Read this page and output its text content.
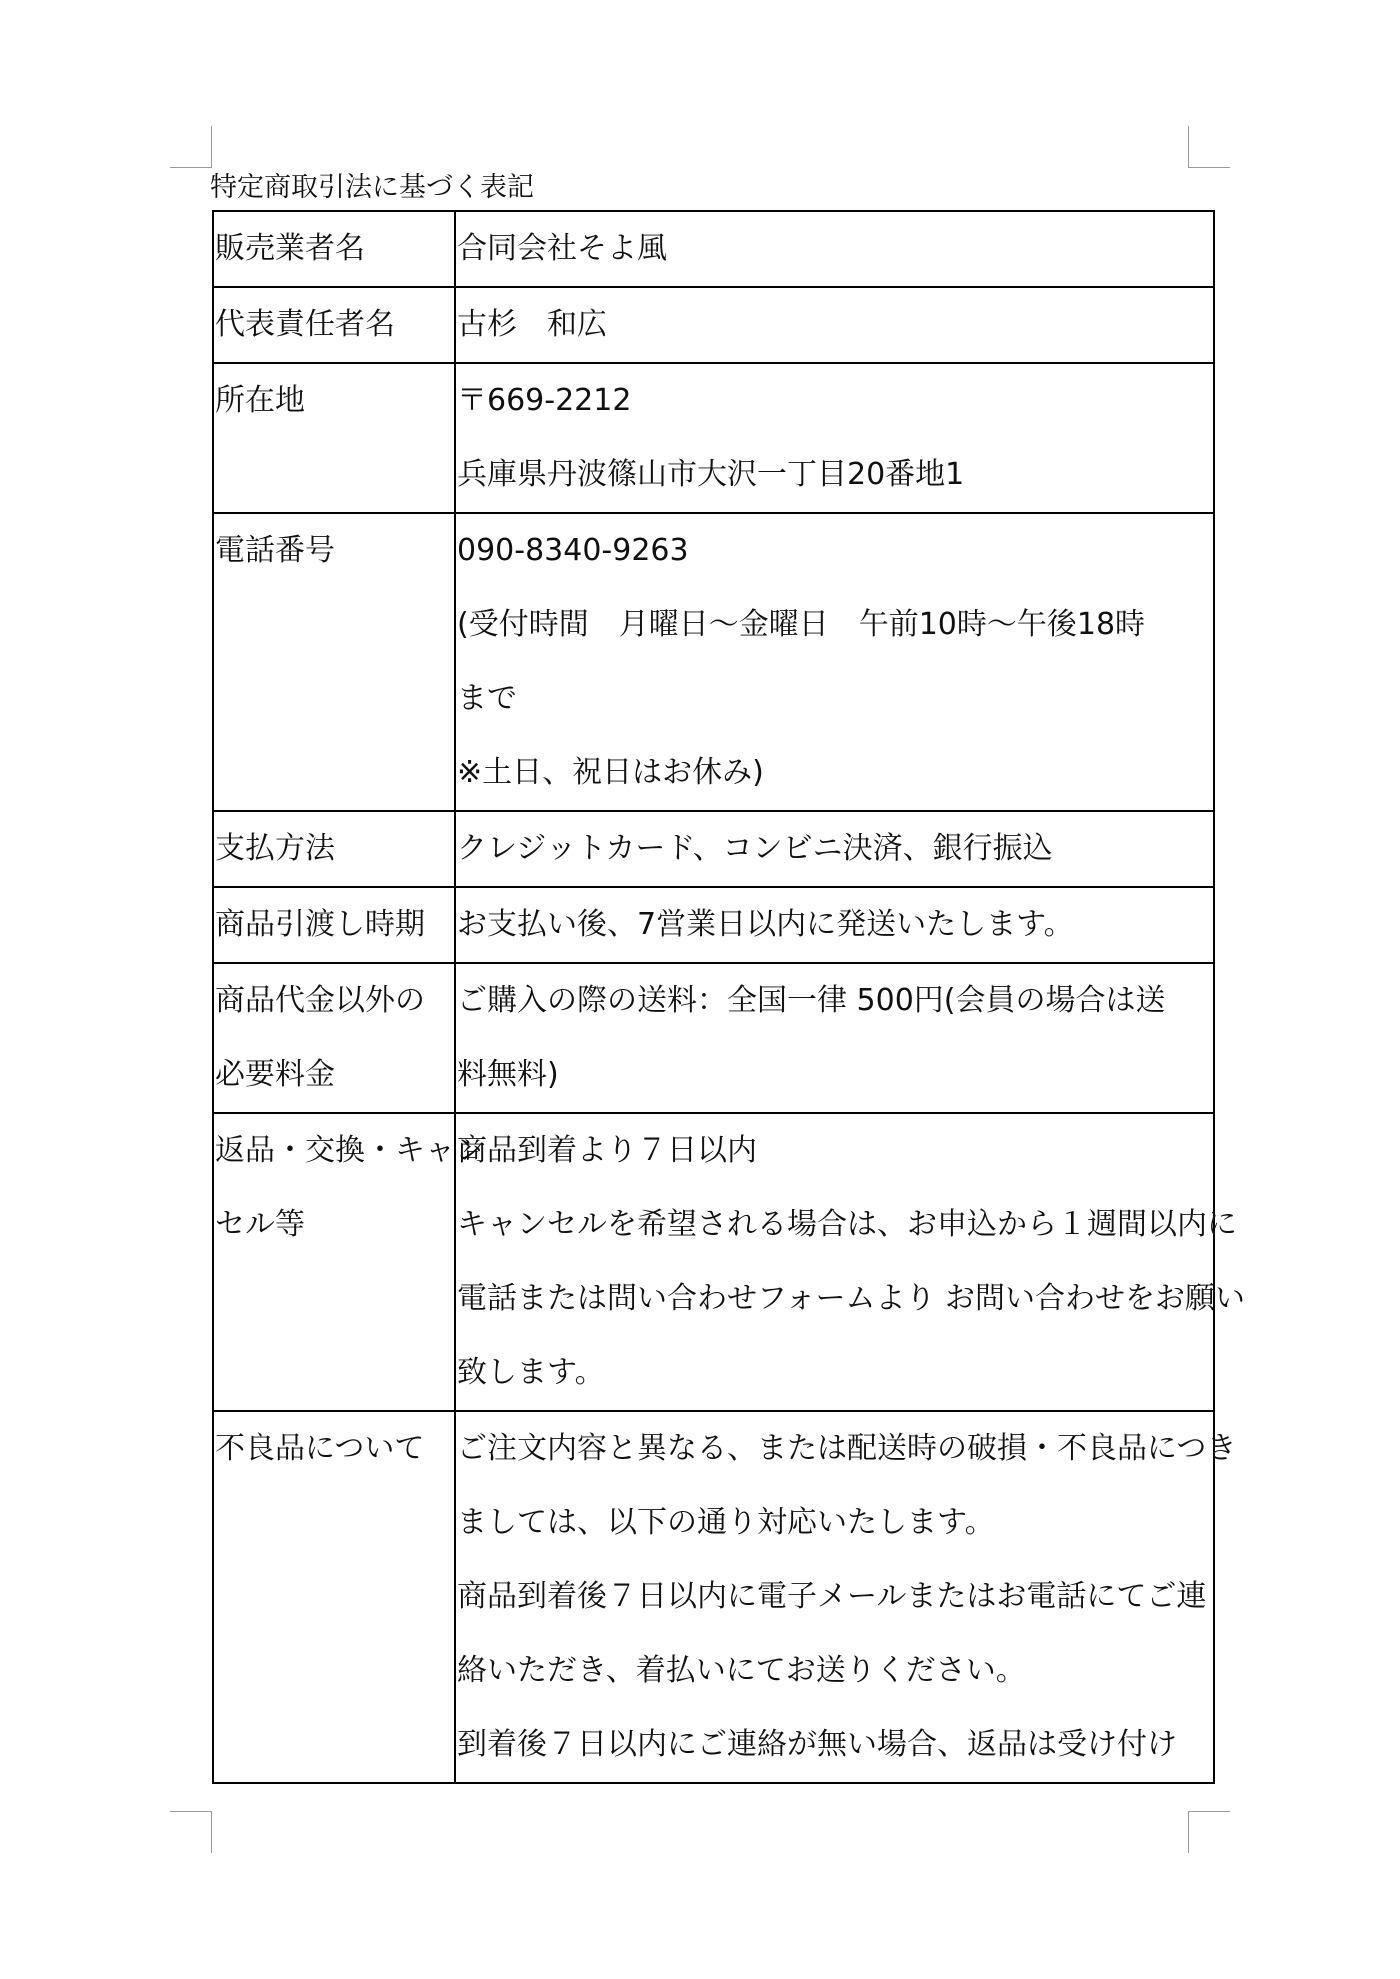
特定商取引法に基づく表記
販売業者名	合同会社そよ風

代表責任者名	古杉　和広

所在地	〒669-2212
兵庫県丹波篠山市大沢一丁目20番地1

電話番号	090-8340-9263
(受付時間　月曜日～金曜日　午前10時～午後18時
まで
※土日、祝日はお休み)

支払方法	クレジットカード、コンビニ決済、銀行振込

商品引渡し時期	お支払い後、7営業日以内に発送いたします。

商品代金以外の
必要料金	ご購入の際の送料：全国一律 500円(会員の場合は送
料無料)

返品・交換・キャン
セル等	商品到着より７日以内
キャンセルを希望される場合は、お申込から１週間以内に
電話または問い合わせフォームより お問い合わせをお願い
致します。

不良品について	ご注文内容と異なる、または配送時の破損・不良品につき
ましては、以下の通り対応いたします。
商品到着後７日以内に電子メールまたはお電話にてご連
絡いただき、着払いにてお送りください。
到着後７日以内にご連絡が無い場合、返品は受け付け
